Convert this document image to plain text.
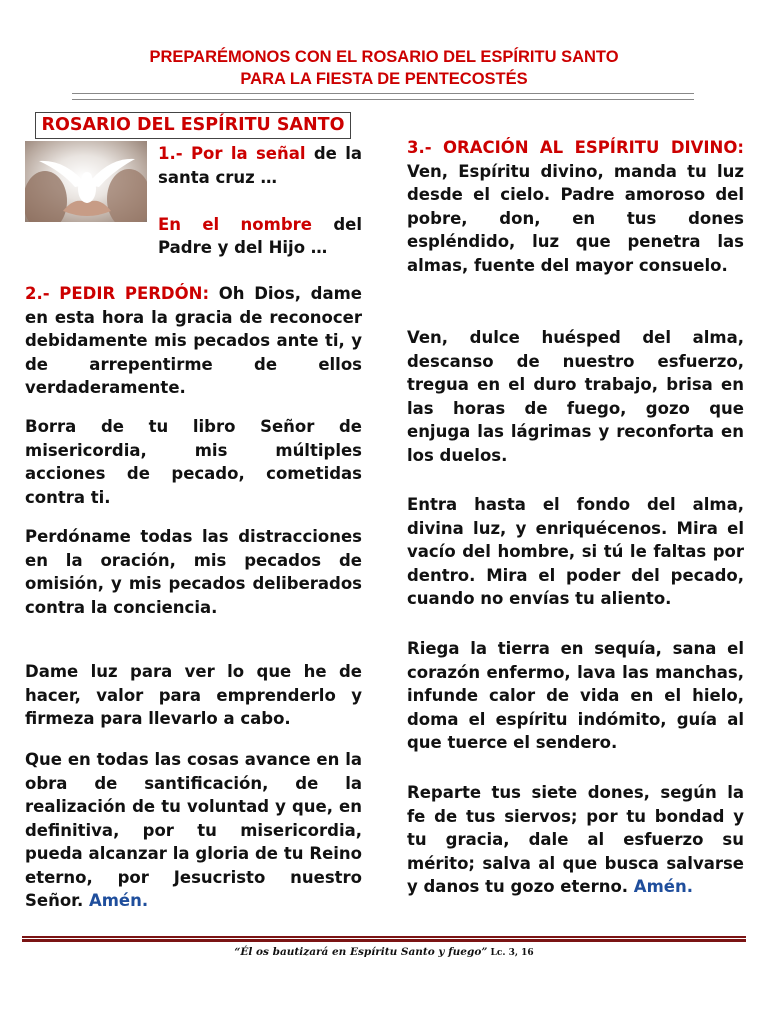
PREPARÉMONOS CON EL ROSARIO DEL ESPÍRITU SANTO
PARA LA FIESTA DE PENTECOSTÉS
ROSARIO DEL ESPÍRITU SANTO

1.- Por la señal de la santa cruz …

En el nombre del Padre y del Hijo …

2.- PEDIR PERDÓN: Oh Dios, dame en esta hora la gracia de reconocer debidamente mis pecados ante ti, y de arrepentirme de ellos verdaderamente.

Borra de tu libro Señor de misericordia, mis múltiples acciones de pecado, cometidas contra ti.

Perdóname todas las distracciones en la oración, mis pecados de omisión, y mis pecados deliberados contra la conciencia.

Dame luz para ver lo que he de hacer, valor para emprenderlo y firmeza para llevarlo a cabo.

Que en todas las cosas avance en la obra de santificación, de la realización de tu voluntad y que, en definitiva, por tu misericordia, pueda alcanzar la gloria de tu Reino eterno, por Jesucristo nuestro Señor. Amén.

3.- ORACIÓN AL ESPÍRITU DIVINO: Ven, Espíritu divino, manda tu luz desde el cielo. Padre amoroso del pobre, don, en tus dones espléndido, luz que penetra las almas, fuente del mayor consuelo.

Ven, dulce huésped del alma, descanso de nuestro esfuerzo, tregua en el duro trabajo, brisa en las horas de fuego, gozo que enjuga las lágrimas y reconforta en los duelos.

Entra hasta el fondo del alma, divina luz, y enriquécenos. Mira el vacío del hombre, si tú le faltas por dentro. Mira el poder del pecado, cuando no envías tu aliento.

Riega la tierra en sequía, sana el corazón enfermo, lava las manchas, infunde calor de vida en el hielo, doma el espíritu indómito, guía al que tuerce el sendero.

Reparte tus siete dones, según la fe de tus siervos; por tu bondad y tu gracia, dale al esfuerzo su mérito; salva al que busca salvarse y danos tu gozo eterno. Amén.

“Él os bautizará en Espíritu Santo y fuego” Lc. 3, 16
